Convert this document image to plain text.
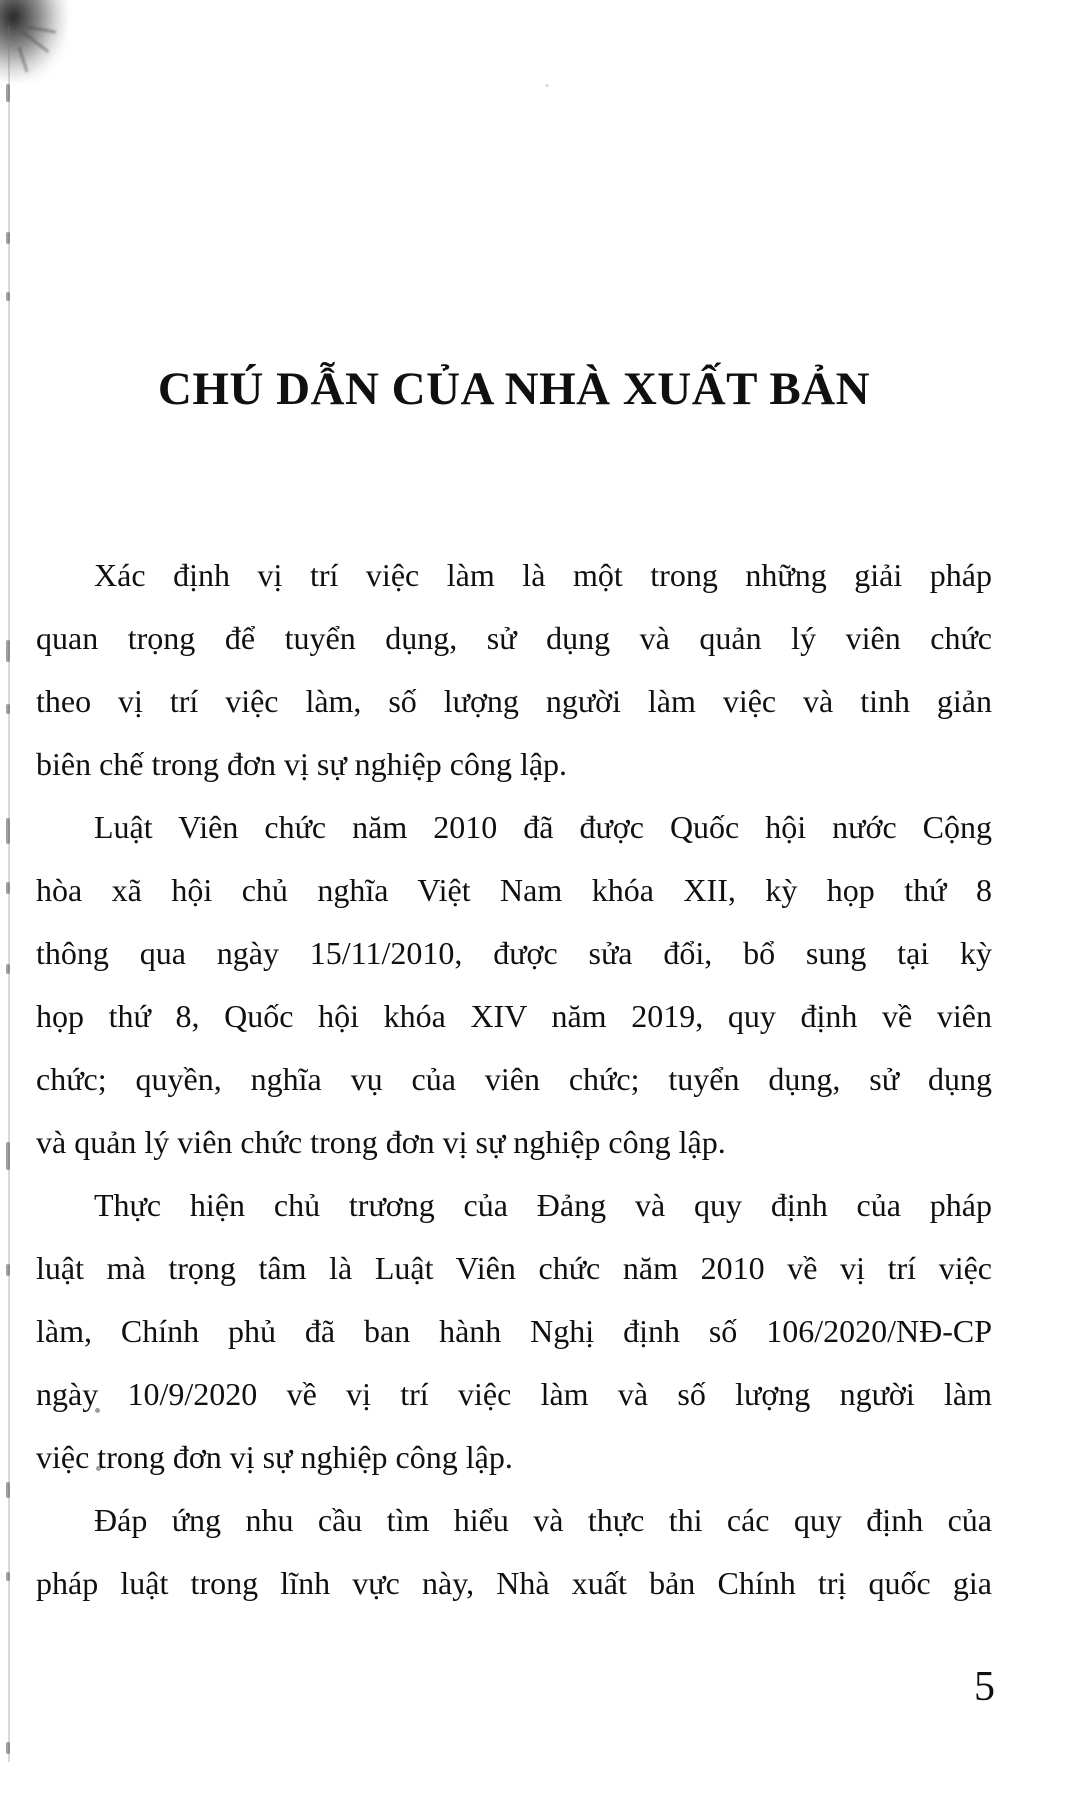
CHÚ DẪN CỦA NHÀ XUẤT BẢN
Xác định vị trí việc làm là một trong những giải pháp
quan trọng để tuyển dụng, sử dụng và quản lý viên chức
theo vị trí việc làm, số lượng người làm việc và tinh giản
biên chế trong đơn vị sự nghiệp công lập.
Luật Viên chức năm 2010 đã được Quốc hội nước Cộng
hòa xã hội chủ nghĩa Việt Nam khóa XII, kỳ họp thứ 8
thông qua ngày 15/11/2010, được sửa đổi, bổ sung tại kỳ
họp thứ 8, Quốc hội khóa XIV năm 2019, quy định về viên
chức; quyền, nghĩa vụ của viên chức; tuyển dụng, sử dụng
và quản lý viên chức trong đơn vị sự nghiệp công lập.
Thực hiện chủ trương của Đảng và quy định của pháp
luật mà trọng tâm là Luật Viên chức năm 2010 về vị trí việc
làm, Chính phủ đã ban hành Nghị định số 106/2020/NĐ-CP
ngày 10/9/2020 về vị trí việc làm và số lượng người làm
việc trong đơn vị sự nghiệp công lập.
Đáp ứng nhu cầu tìm hiểu và thực thi các quy định của
pháp luật trong lĩnh vực này, Nhà xuất bản Chính trị quốc gia
5
